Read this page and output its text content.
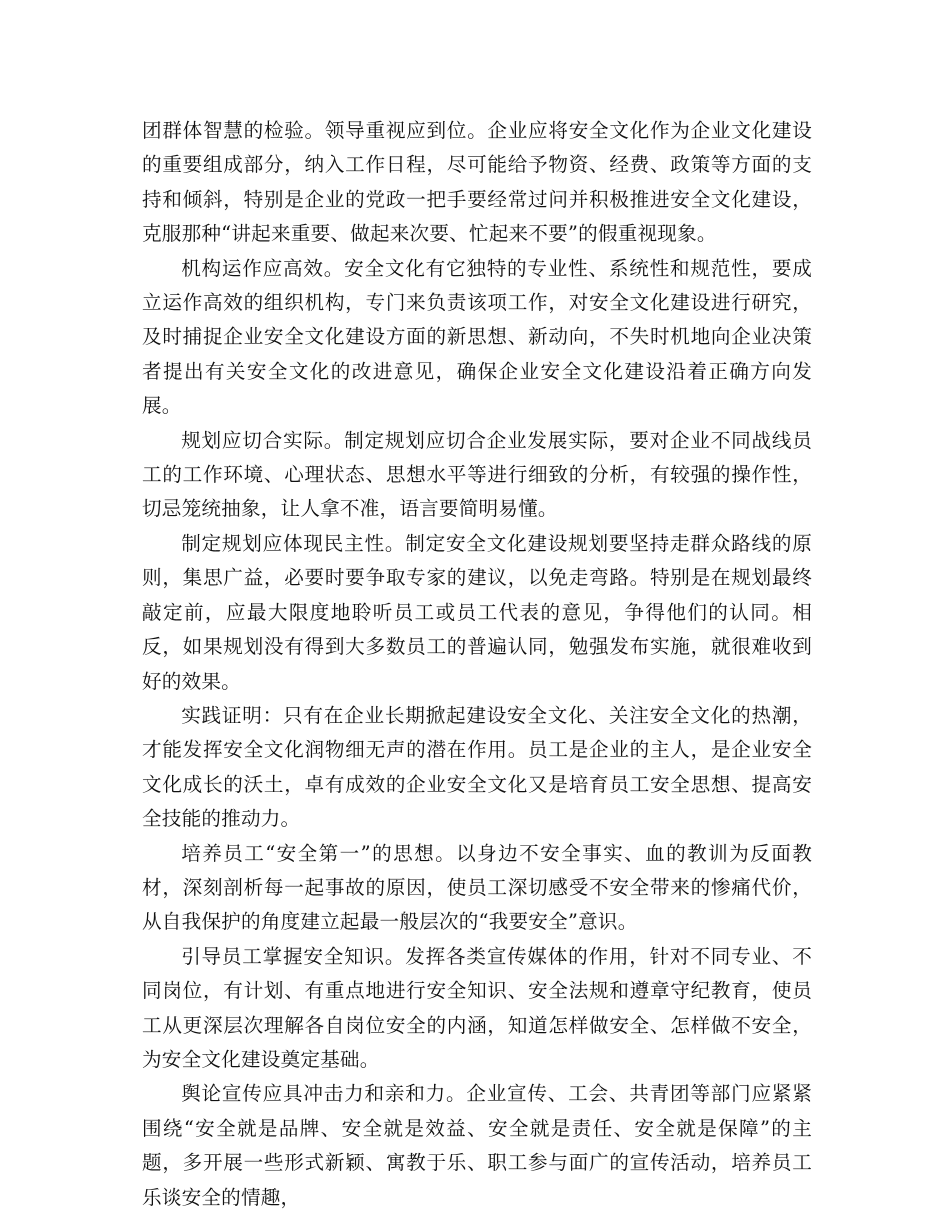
团群体智慧的检验。领导重视应到位。企业应将安全文化作为企业文化建设的重要组成部分，纳入工作日程，尽可能给予物资、经费、政策等方面的支持和倾斜，特别是企业的党政一把手要经常过问并积极推进安全文化建设，克服那种“讲起来重要、做起来次要、忙起来不要”的假重视现象。

机构运作应高效。安全文化有它独特的专业性、系统性和规范性，要成立运作高效的组织机构，专门来负责该项工作，对安全文化建设进行研究，及时捕捉企业安全文化建设方面的新思想、新动向，不失时机地向企业决策者提出有关安全文化的改进意见，确保企业安全文化建设沿着正确方向发展。

规划应切合实际。制定规划应切合企业发展实际，要对企业不同战线员工的工作环境、心理状态、思想水平等进行细致的分析，有较强的操作性，切忌笼统抽象，让人拿不准，语言要简明易懂。

制定规划应体现民主性。制定安全文化建设规划要坚持走群众路线的原则，集思广益，必要时要争取专家的建议，以免走弯路。特别是在规划最终敲定前，应最大限度地聆听员工或员工代表的意见，争得他们的认同。相反，如果规划没有得到大多数员工的普遍认同，勉强发布实施，就很难收到好的效果。

实践证明：只有在企业长期掀起建设安全文化、关注安全文化的热潮，才能发挥安全文化润物细无声的潜在作用。员工是企业的主人，是企业安全文化成长的沃土，卓有成效的企业安全文化又是培育员工安全思想、提高安全技能的推动力。

培养员工“安全第一”的思想。以身边不安全事实、血的教训为反面教材，深刻剖析每一起事故的原因，使员工深切感受不安全带来的惨痛代价，从自我保护的角度建立起最一般层次的“我要安全”意识。

引导员工掌握安全知识。发挥各类宣传媒体的作用，针对不同专业、不同岗位，有计划、有重点地进行安全知识、安全法规和遵章守纪教育，使员工从更深层次理解各自岗位安全的内涵，知道怎样做安全、怎样做不安全，为安全文化建设奠定基础。

舆论宣传应具冲击力和亲和力。企业宣传、工会、共青团等部门应紧紧围绕“安全就是品牌、安全就是效益、安全就是责任、安全就是保障”的主题，多开展一些形式新颖、寓教于乐、职工参与面广的宣传活动，培养员工乐谈安全的情趣，
